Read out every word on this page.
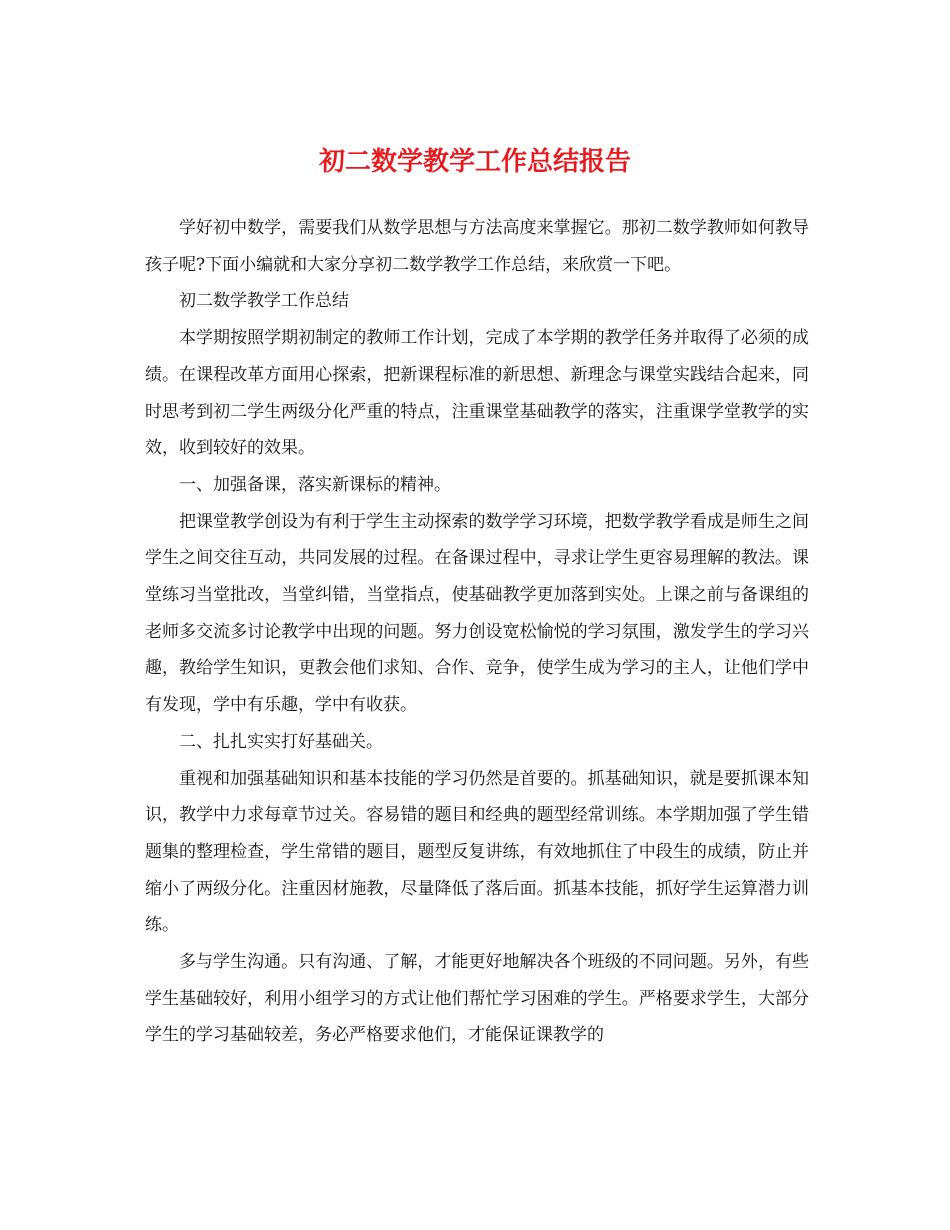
初二数学教学工作总结报告

学好初中数学，需要我们从数学思想与方法高度来掌握它。那初二数学教师如何教导孩子呢?下面小编就和大家分享初二数学教学工作总结，来欣赏一下吧。

初二数学教学工作总结

本学期按照学期初制定的教师工作计划，完成了本学期的教学任务并取得了必须的成绩。在课程改革方面用心探索，把新课程标准的新思想、新理念与课堂实践结合起来，同时思考到初二学生两级分化严重的特点，注重课堂基础教学的落实，注重课学堂教学的实效，收到较好的效果。

一、加强备课，落实新课标的精神。

把课堂教学创设为有利于学生主动探索的数学学习环境，把数学教学看成是师生之间学生之间交往互动，共同发展的过程。在备课过程中，寻求让学生更容易理解的教法。课堂练习当堂批改，当堂纠错，当堂指点，使基础教学更加落到实处。上课之前与备课组的老师多交流多讨论教学中出现的问题。努力创设宽松愉悦的学习氛围，激发学生的学习兴趣，教给学生知识，更教会他们求知、合作、竞争，使学生成为学习的主人，让他们学中有发现，学中有乐趣，学中有收获。

二、扎扎实实打好基础关。

重视和加强基础知识和基本技能的学习仍然是首要的。抓基础知识，就是要抓课本知识，教学中力求每章节过关。容易错的题目和经典的题型经常训练。本学期加强了学生错题集的整理检查，学生常错的题目，题型反复讲练，有效地抓住了中段生的成绩，防止并缩小了两级分化。注重因材施教，尽量降低了落后面。抓基本技能，抓好学生运算潜力训练。

多与学生沟通。只有沟通、了解，才能更好地解决各个班级的不同问题。另外，有些学生基础较好，利用小组学习的方式让他们帮忙学习困难的学生。严格要求学生，大部分学生的学习基础较差，务必严格要求他们，才能保证课教学的
